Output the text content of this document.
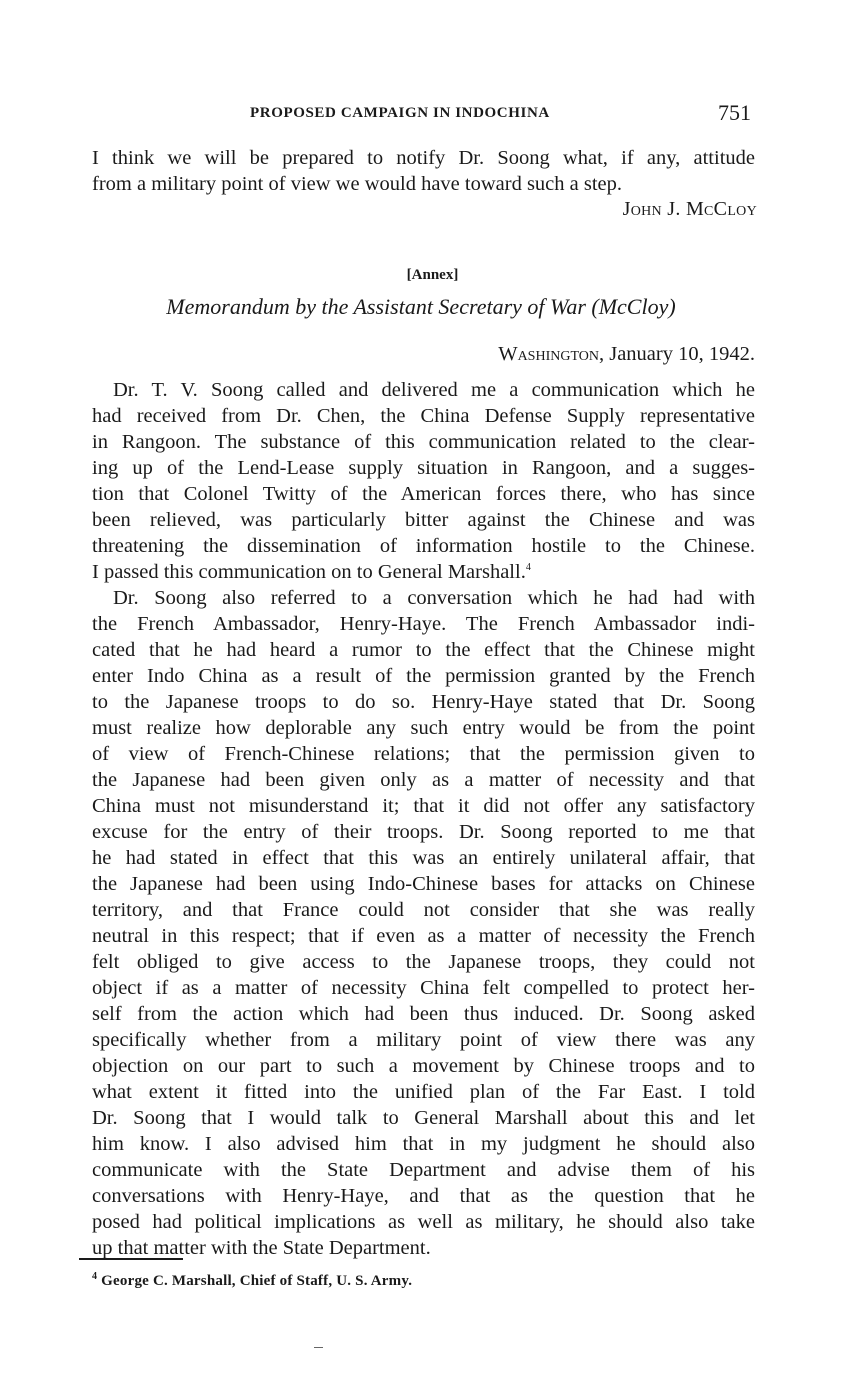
PROPOSED CAMPAIGN IN INDOCHINA	751
I think we will be prepared to notify Dr. Soong what, if any, attitude
from a military point of view we would have toward such a step.
John J. McCloy
[Annex]
Memorandum by the Assistant Secretary of War (McCloy)
Washington, January 10, 1942.
Dr. T. V. Soong called and delivered me a communication which he
had received from Dr. Chen, the China Defense Supply representative
in Rangoon. The substance of this communication related to the clear-
ing up of the Lend-Lease supply situation in Rangoon, and a sugges-
tion that Colonel Twitty of the American forces there, who has since
been relieved, was particularly bitter against the Chinese and was
threatening the dissemination of information hostile to the Chinese.
I passed this communication on to General Marshall.$^4$
Dr. Soong also referred to a conversation which he had had with
the French Ambassador, Henry-Haye. The French Ambassador indi-
cated that he had heard a rumor to the effect that the Chinese might
enter Indo China as a result of the permission granted by the French
to the Japanese troops to do so. Henry-Haye stated that Dr. Soong
must realize how deplorable any such entry would be from the point
of view of French-Chinese relations; that the permission given to
the Japanese had been given only as a matter of necessity and that
China must not misunderstand it; that it did not offer any satisfactory
excuse for the entry of their troops. Dr. Soong reported to me that
he had stated in effect that this was an entirely unilateral affair, that
the Japanese had been using Indo-Chinese bases for attacks on Chinese
territory, and that France could not consider that she was really
neutral in this respect; that if even as a matter of necessity the French
felt obliged to give access to the Japanese troops, they could not
object if as a matter of necessity China felt compelled to protect her-
self from the action which had been thus induced. Dr. Soong asked
specifically whether from a military point of view there was any
objection on our part to such a movement by Chinese troops and to
what extent it fitted into the unified plan of the Far East. I told
Dr. Soong that I would talk to General Marshall about this and let
him know. I also advised him that in my judgment he should also
communicate with the State Department and advise them of his
conversations with Henry-Haye, and that as the question that he
posed had political implications as well as military, he should also take
up that matter with the State Department.
$^4$ George C. Marshall, Chief of Staff, U. S. Army.
